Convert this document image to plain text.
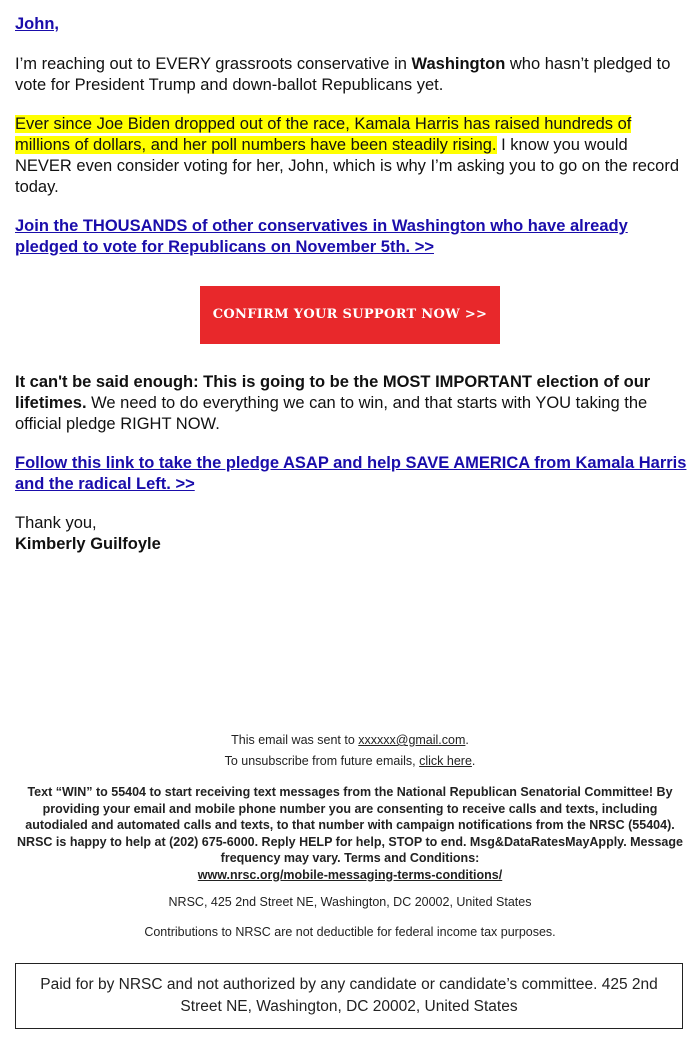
John,

I’m reaching out to EVERY grassroots conservative in Washington who hasn’t pledged to vote for President Trump and down-ballot Republicans yet.

Ever since Joe Biden dropped out of the race, Kamala Harris has raised hundreds of millions of dollars, and her poll numbers have been steadily rising. I know you would NEVER even consider voting for her, John, which is why I’m asking you to go on the record today.

Join the THOUSANDS of other conservatives in Washington who have already pledged to vote for Republicans on November 5th. >>
CONFIRM YOUR SUPPORT NOW >>

It can't be said enough: This is going to be the MOST IMPORTANT election of our lifetimes. We need to do everything we can to win, and that starts with YOU taking the official pledge RIGHT NOW.

Follow this link to take the pledge ASAP and help SAVE AMERICA from Kamala Harris and the radical Left. >>
Thank you,
Kimberly Guilfoyle
This email was sent to xxxxxx@gmail.com.
To unsubscribe from future emails, click here.
Text “WIN” to 55404 to start receiving text messages from the National Republican Senatorial Committee! By providing your email and mobile phone number you are consenting to receive calls and texts, including autodialed and automated calls and texts, to that number with campaign notifications from the NRSC (55404). NRSC is happy to help at (202) 675-6000. Reply HELP for help, STOP to end. Msg&DataRatesMayApply. Message frequency may vary. Terms and Conditions:
www.nrsc.org/mobile-messaging-terms-conditions/
NRSC, 425 2nd Street NE, Washington, DC 20002, United States
Contributions to NRSC are not deductible for federal income tax purposes.
Paid for by NRSC and not authorized by any candidate or candidate’s committee. 425 2nd Street NE, Washington, DC 20002, United States
